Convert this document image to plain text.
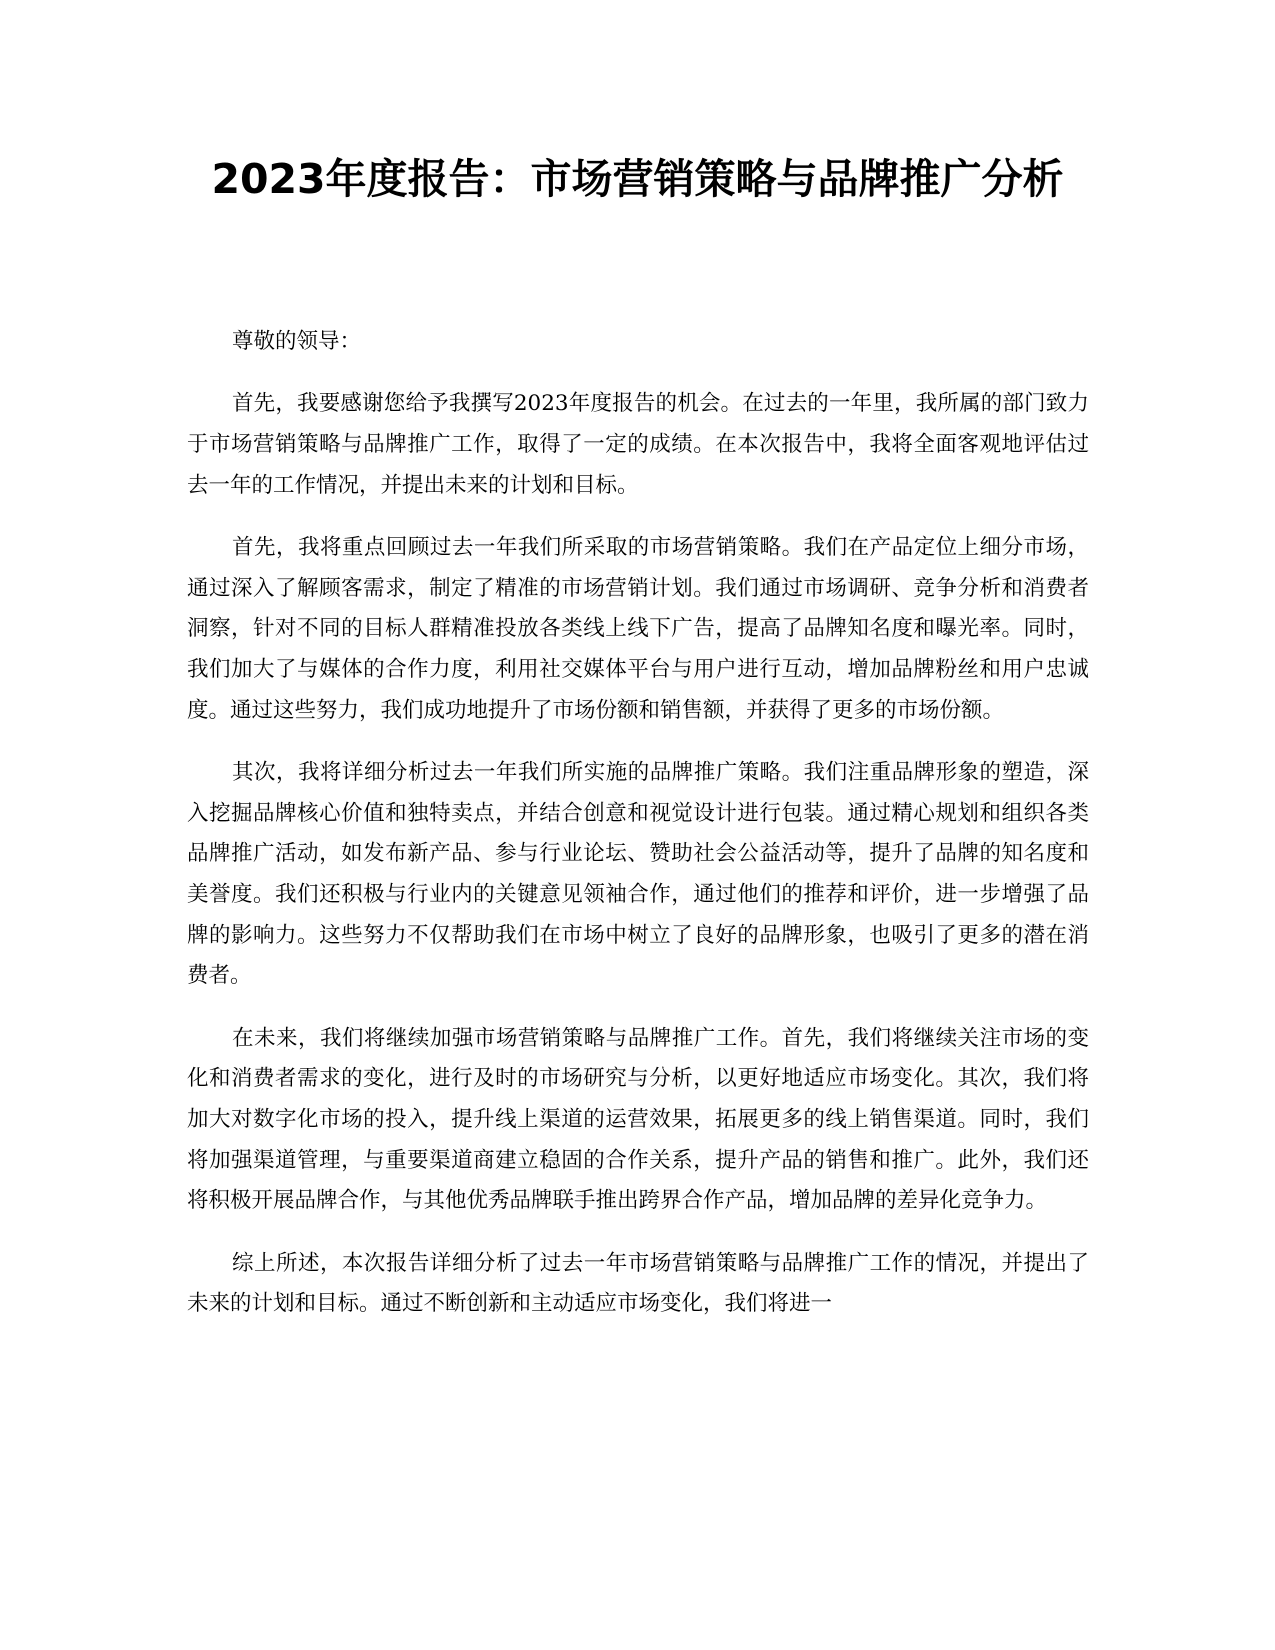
2023年度报告：市场营销策略与品牌推广分析

尊敬的领导：

首先，我要感谢您给予我撰写2023年度报告的机会。在过去的一年里，我所属的部门致力于市场营销策略与品牌推广工作，取得了一定的成绩。在本次报告中，我将全面客观地评估过去一年的工作情况，并提出未来的计划和目标。

首先，我将重点回顾过去一年我们所采取的市场营销策略。我们在产品定位上细分市场，通过深入了解顾客需求，制定了精准的市场营销计划。我们通过市场调研、竞争分析和消费者洞察，针对不同的目标人群精准投放各类线上线下广告，提高了品牌知名度和曝光率。同时，我们加大了与媒体的合作力度，利用社交媒体平台与用户进行互动，增加品牌粉丝和用户忠诚度。通过这些努力，我们成功地提升了市场份额和销售额，并获得了更多的市场份额。

其次，我将详细分析过去一年我们所实施的品牌推广策略。我们注重品牌形象的塑造，深入挖掘品牌核心价值和独特卖点，并结合创意和视觉设计进行包装。通过精心规划和组织各类品牌推广活动，如发布新产品、参与行业论坛、赞助社会公益活动等，提升了品牌的知名度和美誉度。我们还积极与行业内的关键意见领袖合作，通过他们的推荐和评价，进一步增强了品牌的影响力。这些努力不仅帮助我们在市场中树立了良好的品牌形象，也吸引了更多的潜在消费者。

在未来，我们将继续加强市场营销策略与品牌推广工作。首先，我们将继续关注市场的变化和消费者需求的变化，进行及时的市场研究与分析，以更好地适应市场变化。其次，我们将加大对数字化市场的投入，提升线上渠道的运营效果，拓展更多的线上销售渠道。同时，我们将加强渠道管理，与重要渠道商建立稳固的合作关系，提升产品的销售和推广。此外，我们还将积极开展品牌合作，与其他优秀品牌联手推出跨界合作产品，增加品牌的差异化竞争力。

综上所述，本次报告详细分析了过去一年市场营销策略与品牌推广工作的情况，并提出了未来的计划和目标。通过不断创新和主动适应市场变化，我们将进一
